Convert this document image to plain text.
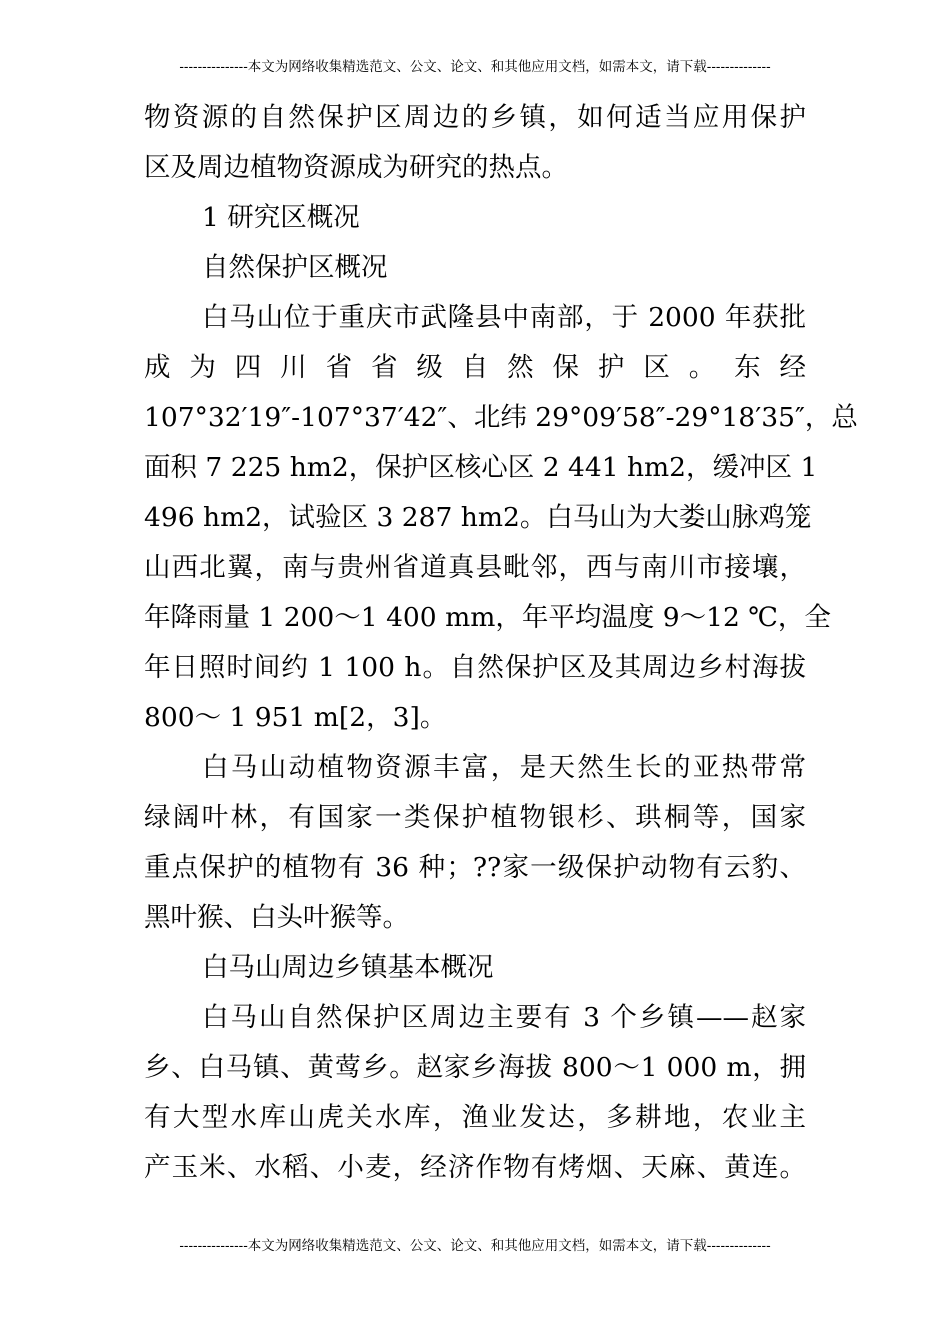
---------------本文为网络收集精选范文、公文、论文、和其他应用文档，如需本文，请下载--------------
物资源的自然保护区周边的乡镇，如何适当应用保护
区及周边植物资源成为研究的热点。
1 研究区概况
自然保护区概况
白马山位于重庆市武隆县中南部，于 2000 年获批
成 为 四 川 省 省 级 自 然 保 护 区 。 东 经
107°32′19″-107°37′42″、北纬 29°09′58″-29°18′35″，总
面积 7 225 hm2，保护区核心区 2 441 hm2，缓冲区 1
496 hm2，试验区 3 287 hm2。白马山为大娄山脉鸡笼
山西北翼，南与贵州省道真县毗邻，西与南川市接壤，
年降雨量 1 200～1 400 mm，年平均温度 9～12 ℃，全
年日照时间约 1 100 h。自然保护区及其周边乡村海拔
800～ 1 951 m[2，3]。
白马山动植物资源丰富，是天然生长的亚热带常
绿阔叶林，有国家一类保护植物银杉、珙桐等，国家
重点保护的植物有 36 种；??家一级保护动物有云豹、
黑叶猴、白头叶猴等。
白马山周边乡镇基本概况
白马山自然保护区周边主要有 3 个乡镇——赵家
乡、白马镇、黄莺乡。赵家乡海拔 800～1 000 m，拥
有大型水库山虎关水库，渔业发达，多耕地，农业主
产玉米、水稻、小麦，经济作物有烤烟、天麻、黄连。
---------------本文为网络收集精选范文、公文、论文、和其他应用文档，如需本文，请下载--------------
